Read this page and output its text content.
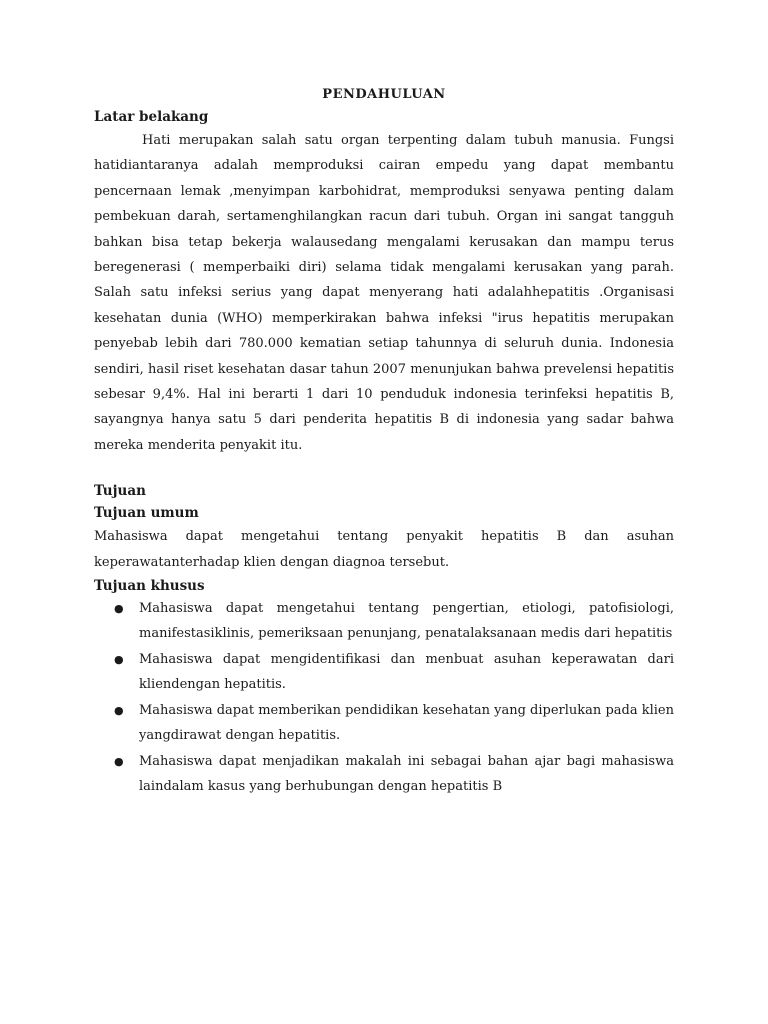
PENDAHULUAN

Latar belakang

Hati merupakan salah satu organ terpenting dalam tubuh manusia. Fungsi hatidiantaranya adalah memproduksi cairan empedu yang dapat membantu pencernaan lemak ,menyimpan karbohidrat, memproduksi senyawa penting dalam pembekuan darah, sertamenghilangkan racun dari tubuh. Organ ini sangat tangguh bahkan bisa tetap bekerja walausedang mengalami kerusakan dan mampu terus beregenerasi ( memperbaiki diri) selama tidak mengalami kerusakan yang parah. Salah satu infeksi serius yang dapat menyerang hati adalahhepatitis .Organisasi kesehatan dunia (WHO) memperkirakan bahwa infeksi "irus hepatitis merupakan penyebab lebih dari 780.000 kematian setiap tahunnya di seluruh dunia. Indonesia sendiri, hasil riset kesehatan dasar tahun 2007 menunjukan bahwa prevelensi hepatitis sebesar 9,4%. Hal ini berarti 1 dari 10 penduduk indonesia terinfeksi hepatitis B, sayangnya hanya satu 5 dari penderita hepatitis B di indonesia yang sadar bahwa mereka menderita penyakit itu.

Tujuan

Tujuan umum

Mahasiswa dapat mengetahui tentang penyakit hepatitis B dan asuhan keperawatanterhadap klien dengan diagnoa tersebut.

Tujuan khusus

● Mahasiswa dapat mengetahui tentang pengertian, etiologi, patofisiologi, manifestasiklinis, pemeriksaan penunjang, penatalaksanaan medis dari hepatitis
● Mahasiswa dapat mengidentifikasi dan menbuat asuhan keperawatan dari kliendengan hepatitis.
● Mahasiswa dapat memberikan pendidikan kesehatan yang diperlukan pada klien yangdirawat dengan hepatitis.
● Mahasiswa dapat menjadikan makalah ini sebagai bahan ajar bagi mahasiswa laindalam kasus yang berhubungan dengan hepatitis B
